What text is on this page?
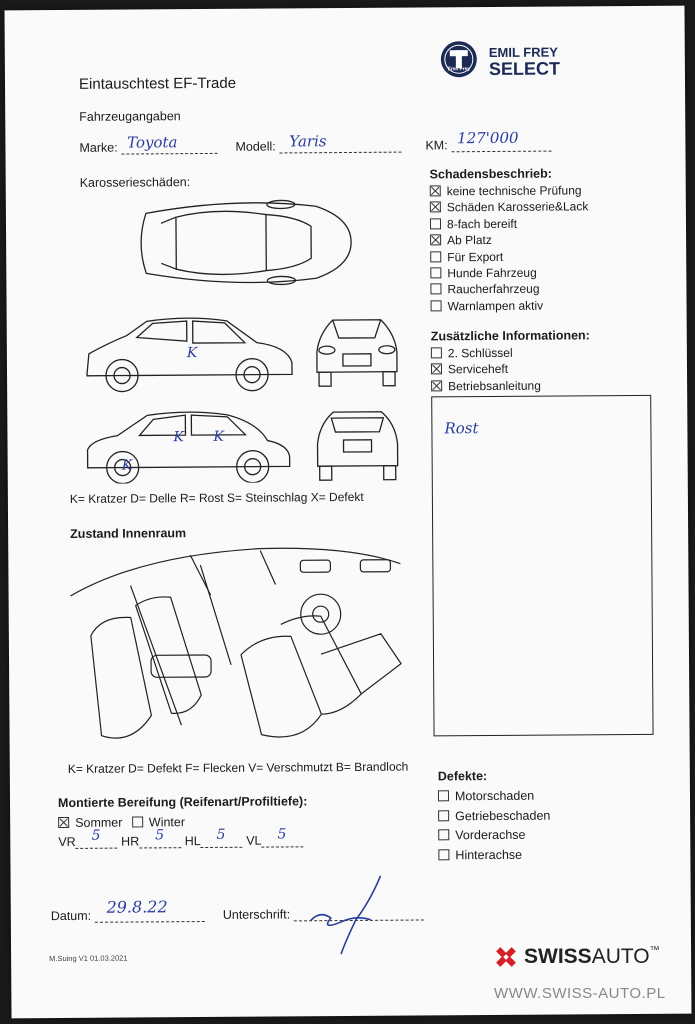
Emil Frey
EMIL FREY
SELECT
Eintauschtest EF-Trade
Fahrzeugangaben
Marke: Toyota	Modell: Yaris	KM: 127'000
Karosserieschäden:
K
K
K K
K= Kratzer D= Delle R= Rost S= Steinschlag X= Defekt
Zustand Innenraum
K= Kratzer D= Defekt F= Flecken V= Verschmutzt B= Brandloch
Montierte Bereifung (Reifenart/Profiltiefe):
Sommer Winter
VR 5 HR 5 HL 5 VL 5
Datum: 29.8.22	Unterschrift:
M.Suing V1 01.03.2021
Schadensbeschrieb:
keine technische Prüfung
Schäden Karosserie&Lack
8-fach bereift
Ab Platz
Für Export
Hunde Fahrzeug
Raucherfahrzeug
Warnlampen aktiv
Zusätzliche Informationen:
2. Schlüssel
Serviceheft
Betriebsanleitung
Rost
Defekte:
Motorschaden
Getriebeschaden
Vorderachse
Hinterachse
SWISS AUTO ™
WWW.SWISS-AUTO.PL
